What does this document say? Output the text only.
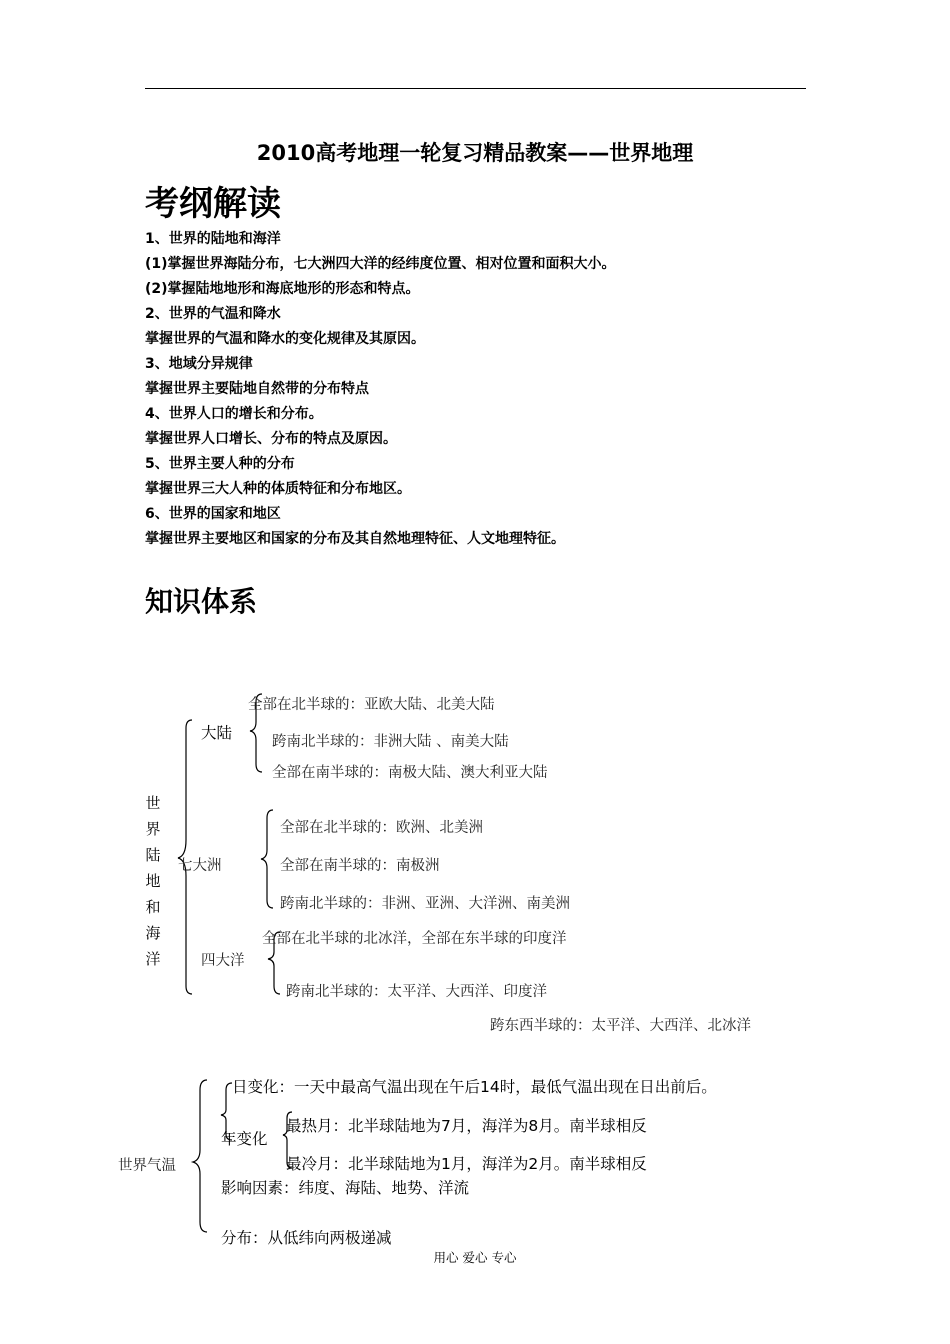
2010高考地理一轮复习精品教案——世界地理
考纲解读
1、世界的陆地和海洋
(1)掌握世界海陆分布，七大洲四大洋的经纬度位置、相对位置和面积大小。
(2)掌握陆地地形和海底地形的形态和特点。
2、世界的气温和降水
掌握世界的气温和降水的变化规律及其原因。
3、地域分异规律
掌握世界主要陆地自然带的分布特点
4、世界人口的增长和分布。
掌握世界人口增长、分布的特点及原因。
5、世界主要人种的分布
掌握世界三大人种的体质特征和分布地区。
6、世界的国家和地区
掌握世界主要地区和国家的分布及其自然地理特征、人文地理特征。
知识体系
世界陆地和海洋
大陆
全部在北半球的：亚欧大陆、北美大陆
跨南北半球的：非洲大陆 、南美大陆
全部在南半球的：南极大陆、澳大利亚大陆
七大洲
全部在北半球的：欧洲、北美洲
全部在南半球的：南极洲
跨南北半球的：非洲、亚洲、大洋洲、南美洲
四大洋
全部在北半球的北冰洋，全部在东半球的印度洋
跨南北半球的：太平洋、大西洋、印度洋
跨东西半球的：太平洋、大西洋、北冰洋
世界气温
日变化：一天中最高气温出现在午后14时，最低气温出现在日出前后。
年变化
最热月：北半球陆地为7月，海洋为8月。南半球相反
最冷月：北半球陆地为1月，海洋为2月。南半球相反
影响因素：纬度、海陆、地势、洋流
分布：从低纬向两极递减
用心 爱心 专心
